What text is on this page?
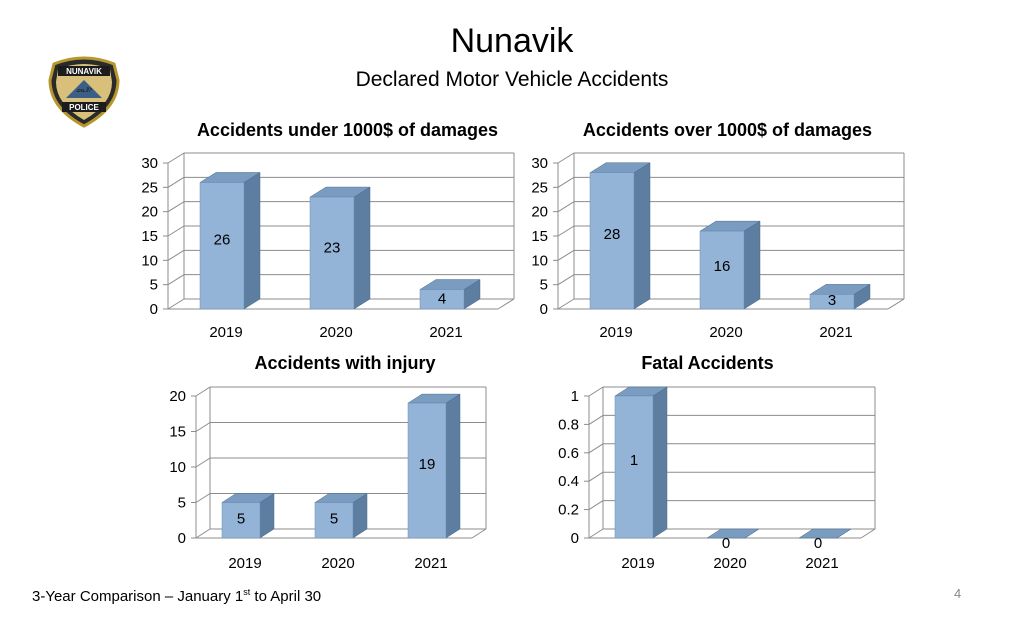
Nunavik
Declared Motor Vehicle Accidents
NUNAVIK
ᓄᓇᕕᒃ
POLICE
Accidents under 1000$ of damages	Accidents over 1000$ of damages
Accidents with injury	Fatal Accidents
0
5
10
15
20
25
30
26
2019
23
2020
4
2021
0
5
10
15
20
25
30
28
2019
16
2020
3
2021
0
5
10
15
20
5
2019
5
2020
19
2021
0
0.2
0.4
0.6
0.8
1
1
2019
0
2020
0
2021
3-Year Comparison – January 1st to April 30	4
